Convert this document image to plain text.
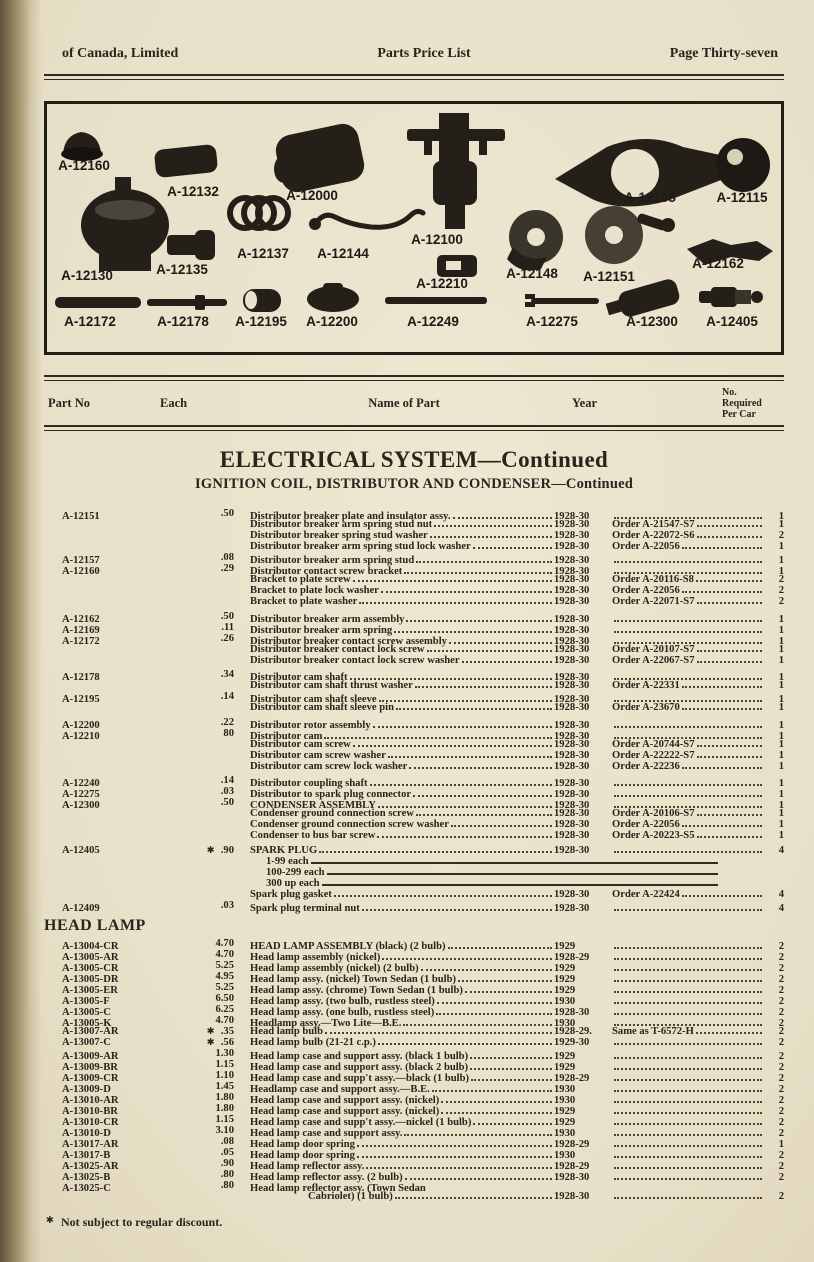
of Canada, Limited	Parts Price List	Page Thirty-seven
A-12160
A-12132	A-12000	A-12105	A-12115
A-12130	A-12135
A-12137	A-12144
A-12100
A-12210
A-12148	A-12151
A-12162
A-12172	A-12178	A-12195	A-12200	A-12249	A-12275	A-12300	A-12405
Part No	Each	Name of Part	Year
No.
Required
Per Car
ELECTRICAL SYSTEM—Continued
IGNITION COIL, DISTRIBUTOR AND CONDENSER—Continued
A-12151	.50 Distributor breaker plate and insulator assy.	1928-30	1
Distributor breaker arm spring stud nut	1928-30	Order A-21547-S7	1
Distributor breaker spring stud washer	1928-30	Order A-22072-S6	2
Distributor breaker arm spring stud lock washer	1928-30	Order A-22056	1
A-12157	.08 Distributor breaker arm spring stud	1928-30	1
A-12160	.29 Distributor contact screw bracket	1928-30	1
Bracket to plate screw	1928-30	Order A-20116-S8	2
Bracket to plate lock washer	1928-30	Order A-22056	2
Bracket to plate washer	1928-30	Order A-22071-S7	2
A-12162	.50 Distributor breaker arm assembly	1928-30	1
A-12169	.11 Distributor breaker arm spring	1928-30	1
A-12172	.26 Distributor breaker contact screw assembly	1928-30	1
Distributor breaker contact lock screw	1928-30	Order A-20107-S7	1
Distributor breaker contact lock screw washer	1928-30	Order A-22067-S7	1
A-12178	.34 Distributor cam shaft	1928-30	1
Distributor cam shaft thrust washer	1928-30	Order A-22331	1
A-12195	.14 Distributor cam shaft sleeve	1928-30	1
Distributor cam shaft sleeve pin	1928-30	Order A-23670	1
A-12200	.22 Distributor rotor assembly	1928-30	1
A-12210	80 Distributor cam	1928-30	1
Distributor cam screw	1928-30	Order A-20744-S7	1
Distributor cam screw washer	1928-30	Order A-22222-S7	1
Distributor cam screw lock washer	1928-30	Order A-22236	1
A-12240	.14 Distributor coupling shaft	1928-30	1
A-12275	.03 Distributor to spark plug connector	1928-30	1
A-12300	.50 CONDENSER ASSEMBLY	1928-30	1
Condenser ground connection screw	1928-30	Order A-20106-S7	1
Condenser ground connection screw washer	1928-30	Order A-22056	1
Condenser to bus bar screw	1928-30	Order A-20223-S5	1
A-12405	✱ .90 SPARK PLUG	1928-30	4
1-99 each
100-299 each
300 up each
Spark plug gasket	1928-30	Order A-22424	4
A-12409	.03 Spark plug terminal nut	1928-30	4
HEAD LAMP
A-13004-CR	4.70 HEAD LAMP ASSEMBLY (black) (2 bulb)	1929	2
A-13005-AR	4.70 Head lamp assembly (nickel)	1928-29	2
A-13005-CR	5.25 Head lamp assembly (nickel) (2 bulb)	1929	2
A-13005-DR	4.95 Head lamp assy. (nickel) Town Sedan (1 bulb)	1929	2
A-13005-ER	5.25 Head lamp assy. (chrome) Town Sedan (1 bulb)	1929	2
A-13005-F	6.50 Head lamp assy. (two bulb, rustless steel)	1930	2
A-13005-C	6.25 Head lamp assy. (one bulb, rustless steel)	1928-30	2
A-13005-K	4.70 Headlamp assy.—Two Lite—B.E.	1930	2
A-13007-AR	✱ .35 Head lamp bulb	1928-29.	Same as T-6572-H	2
A-13007-C	✱ .56 Head lamp bulb (21-21 c.p.)	1929-30	2
A-13009-AR	1.30 Head lamp case and support assy. (black 1 bulb)	1929	2
A-13009-BR	1.15 Head lamp case and support assy. (black 2 bulb)	1929	2
A-13009-CR	1.10 Head lamp case and supp't assy.—black (1 bulb)	1928-29	2
A-13009-D	1.45 Headlamp case and support assy.—B.E.	1930	2
A-13010-AR	1.80 Head lamp case and support assy. (nickel)	1930	2
A-13010-BR	1.80 Head lamp case and support assy. (nickel)	1929	2
A-13010-CR	1.15 Head lamp case and supp't assy.—nickel (1 bulb)	1929	2
A-13010-D	3.10 Head lamp case and support assy.	1930	2
A-13017-AR	.08 Head lamp door spring	1928-29	1
A-13017-B	.05 Head lamp door spring	1930	2
A-13025-AR	.90 Head lamp reflector assy.	1928-29	2
A-13025-B	.80 Head lamp reflector assy. (2 bulb)	1928-30	2
A-13025-C	.80 Head lamp reflector assy. (Town Sedan
Cabriolet) (1 bulb)	1928-30	2
✱ Not subject to regular discount.
